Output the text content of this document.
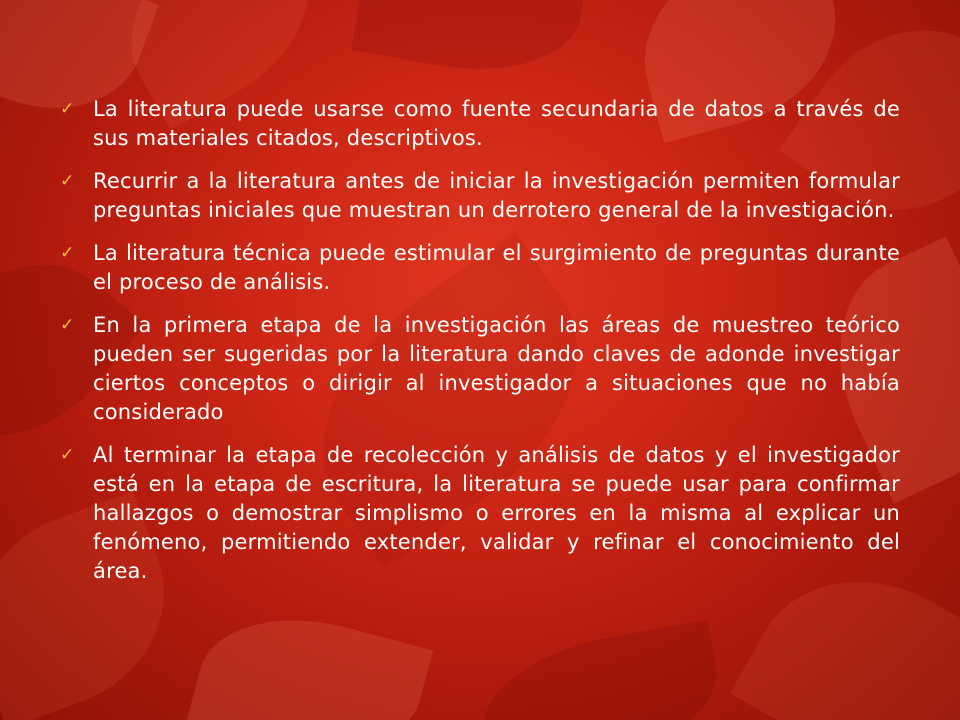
✓ La literatura puede usarse como fuente secundaria de datos a través de sus materiales citados, descriptivos.
✓ Recurrir a la literatura antes de iniciar la investigación permiten formular preguntas iniciales que muestran un derrotero general de la investigación.
✓ La literatura técnica puede estimular el surgimiento de preguntas durante el proceso de análisis.
✓ En la primera etapa de la investigación las áreas de muestreo teórico pueden ser sugeridas por la literatura dando claves de adonde investigar ciertos conceptos o dirigir al investigador a situaciones que no había considerado
✓ Al terminar la etapa de recolección y análisis de datos y el investigador está en la etapa de escritura, la literatura se puede usar para confirmar hallazgos o demostrar simplismo o errores en la misma al explicar un fenómeno, permitiendo extender, validar y refinar el conocimiento del área.
